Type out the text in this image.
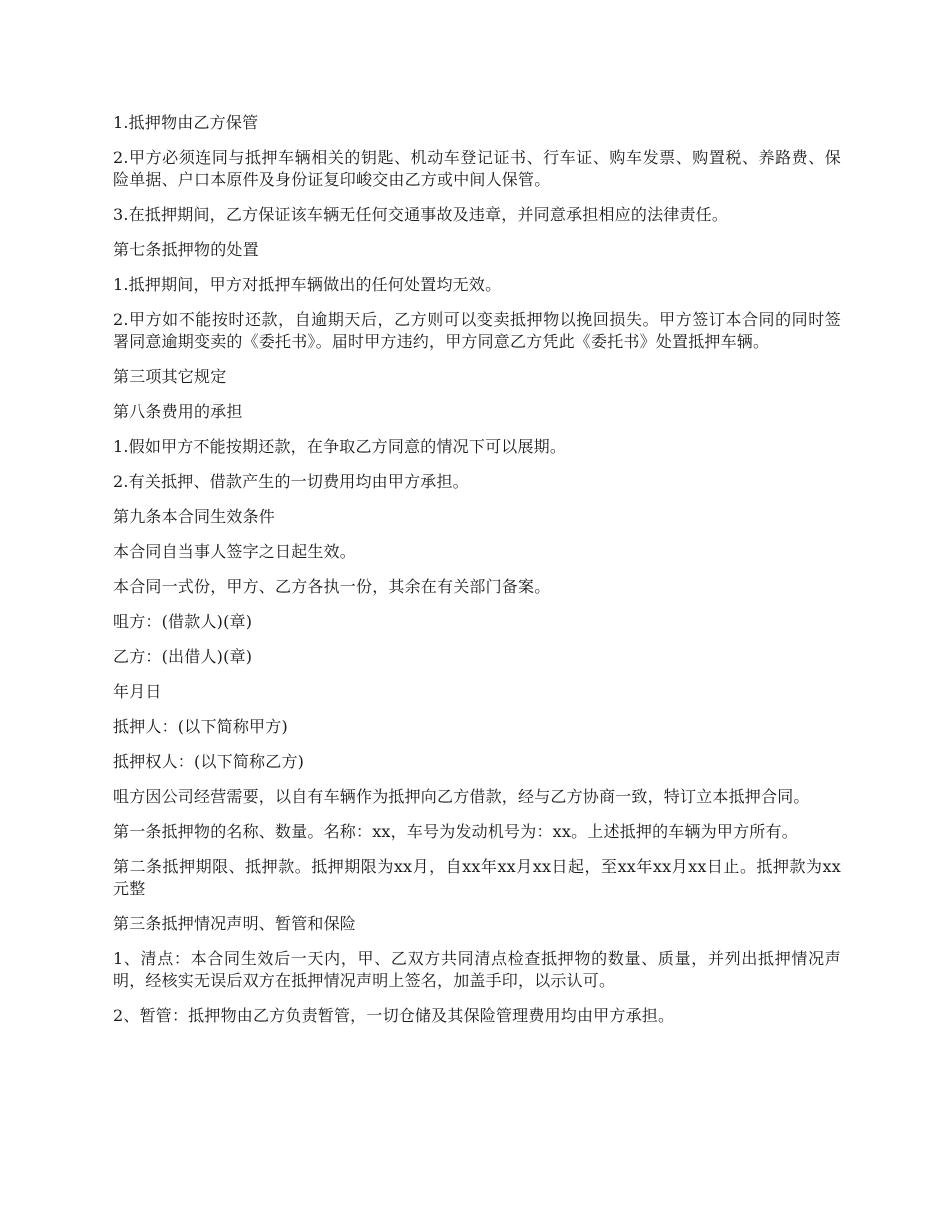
1.抵押物由乙方保管

2.甲方必须连同与抵押车辆相关的钥匙、机动车登记证书、行车证、购车发票、购置税、养路费、保险单据、户口本原件及身份证复印峻交由乙方或中间人保管。

3.在抵押期间，乙方保证该车辆无任何交通事故及违章，并同意承担相应的法律责任。

第七条抵押物的处置

1.抵押期间，甲方对抵押车辆做出的任何处置均无效。

2.甲方如不能按时还款，自逾期天后，乙方则可以变卖抵押物以挽回损失。甲方签订本合同的同时签署同意逾期变卖的《委托书》。届时甲方违约，甲方同意乙方凭此《委托书》处置抵押车辆。

第三项其它规定

第八条费用的承担

1.假如甲方不能按期还款，在争取乙方同意的情况下可以展期。

2.有关抵押、借款产生的一切费用均由甲方承担。

第九条本合同生效条件

本合同自当事人签字之日起生效。

本合同一式份，甲方、乙方各执一份，其余在有关部门备案。

咀方：(借款人)(章)

乙方：(出借人)(章)

年月日

抵押人：(以下简称甲方)

抵押权人：(以下简称乙方)

咀方因公司经营需要，以自有车辆作为抵押向乙方借款，经与乙方协商一致，特订立本抵押合同。

第一条抵押物的名称、数量。名称：xx，车号为发动机号为：xx。上述抵押的车辆为甲方所有。

第二条抵押期限、抵押款。抵押期限为xx月，自xx年xx月xx日起，至xx年xx月xx日止。抵押款为xx元整

第三条抵押情况声明、暂管和保险

1、清点：本合同生效后一天内，甲、乙双方共同清点检查抵押物的数量、质量，并列出抵押情况声明，经核实无误后双方在抵押情况声明上签名，加盖手印，以示认可。

2、暂管：抵押物由乙方负责暂管，一切仓储及其保险管理费用均由甲方承担。
